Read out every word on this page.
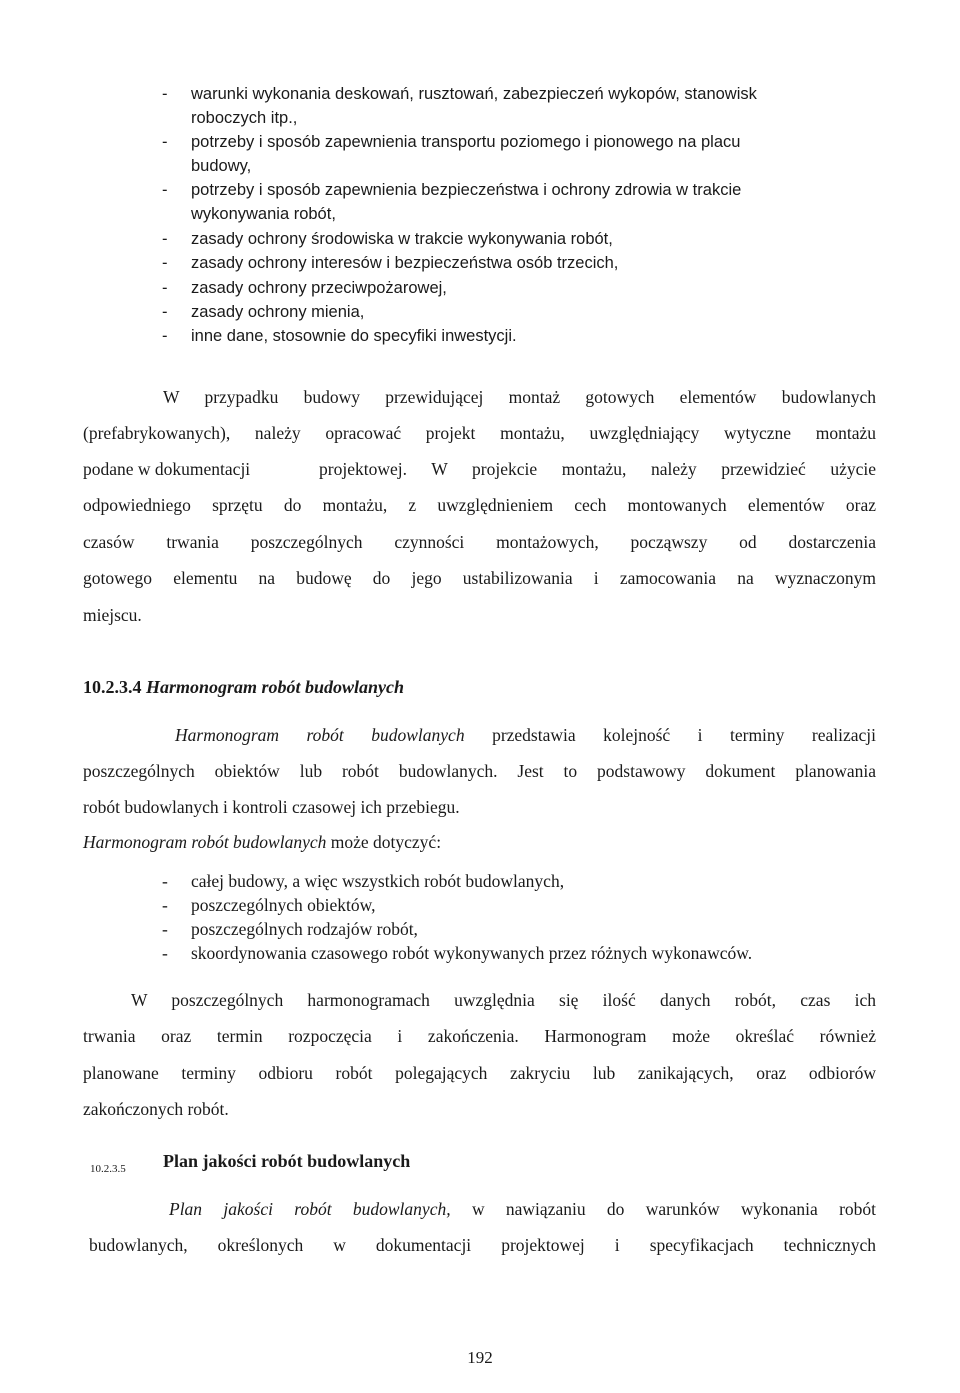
- warunki wykonania deskowań, rusztowań, zabezpieczeń wykopów, stanowisk
roboczych itp.,
- potrzeby i sposób zapewnienia transportu poziomego i pionowego na placu
budowy,
- potrzeby i sposób zapewnienia bezpieczeństwa i ochrony zdrowia w trakcie
wykonywania robót,
- zasady ochrony środowiska w trakcie wykonywania robót,
- zasady ochrony interesów i bezpieczeństwa osób trzecich,
- zasady ochrony przeciwpożarowej,
- zasady ochrony mienia,
- inne dane, stosownie do specyfiki inwestycji.
W przypadku budowy przewidującej montaż gotowych elementów budowlanych
(prefabrykowanych), należy opracować projekt montażu, uwzględniający wytyczne montażu
podane w dokumentacji	projektowej. W projekcie montażu, należy przewidzieć użycie
odpowiedniego sprzętu do montażu, z uwzględnieniem cech montowanych elementów oraz
czasów trwania poszczególnych czynności montażowych, począwszy od dostarczenia
gotowego elementu na budowę do jego ustabilizowania i zamocowania na wyznaczonym
miejscu.
10.2.3.4 Harmonogram robót budowlanych
Harmonogram robót budowlanych przedstawia kolejność i terminy realizacji
poszczególnych obiektów lub robót budowlanych. Jest to podstawowy dokument planowania
robót budowlanych i kontroli czasowej ich przebiegu.
Harmonogram robót budowlanych może dotyczyć:
- całej budowy, a więc wszystkich robót budowlanych,
- poszczególnych obiektów,
- poszczególnych rodzajów robót,
- skoordynowania czasowego robót wykonywanych przez różnych wykonawców.
W poszczególnych harmonogramach uwzględnia się ilość danych robót, czas ich
trwania oraz termin rozpoczęcia i zakończenia. Harmonogram może określać również
planowane terminy odbioru robót polegających zakryciu lub zanikających, oraz odbiorów
zakończonych robót.
10.2.3.5 Plan jakości robót budowlanych
Plan jakości robót budowlanych, w nawiązaniu do warunków wykonania robót
budowlanych, określonych w dokumentacji projektowej i specyfikacjach technicznych
192
